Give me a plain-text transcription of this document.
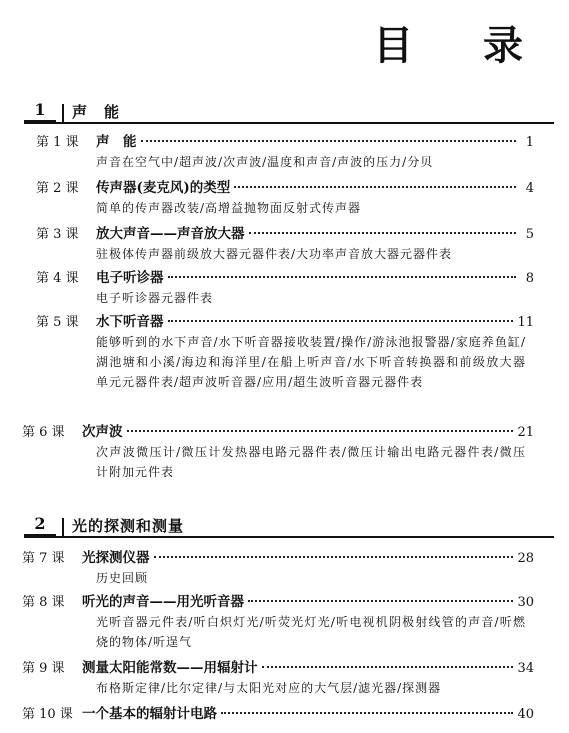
目 录
1	声　能
第 1 课	声　能	1
声音在空气中/超声波/次声波/温度和声音/声波的压力/分贝
第 2 课	传声器(麦克风)的类型	4
简单的传声器改装/高增益抛物面反射式传声器
第 3 课	放大声音——声音放大器	5
驻极体传声器前级放大器元器件表/大功率声音放大器元器件表
第 4 课	电子听诊器	8
电子听诊器元器件表
第 5 课	水下听音器	11
能够听到的水下声音/水下听音器接收装置/操作/游泳池报警器/家庭养鱼缸/湖池塘和小溪/海边和海洋里/在船上听声音/水下听音转换器和前级放大器单元元器件表/超声波听音器/应用/超生波听音器元器件表
第 6 课	次声波	21
次声波微压计/微压计发热器电路元器件表/微压计输出电路元器件表/微压计附加元件表
2	光的探测和测量
第 7 课	光探测仪器	28
历史回顾
第 8 课	听光的声音——用光听音器	30
光听音器元件表/听白炽灯光/听荧光灯光/听电视机阴极射线管的声音/听燃烧的物体/听逞气
第 9 课	测量太阳能常数——用辐射计	34
布格斯定律/比尔定律/与太阳光对应的大气层/滤光器/探测器
第 10 课 一个基本的辐射计电路	40
